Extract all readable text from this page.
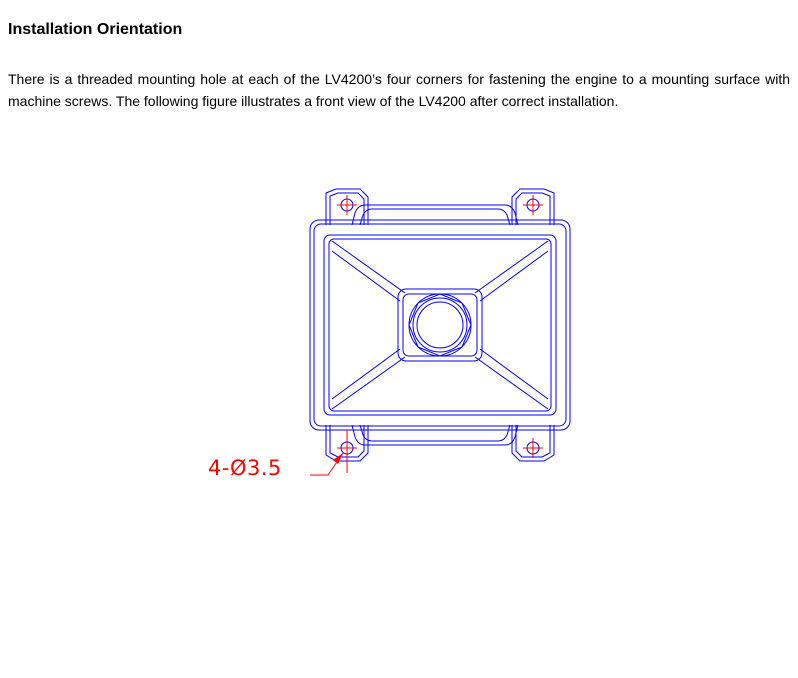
Installation Orientation

There is a threaded mounting hole at each of the LV4200’s four corners for fastening the engine to a mounting surface with machine screws. The following figure illustrates a front view of the LV4200 after correct installation.

4-Ø3.5
